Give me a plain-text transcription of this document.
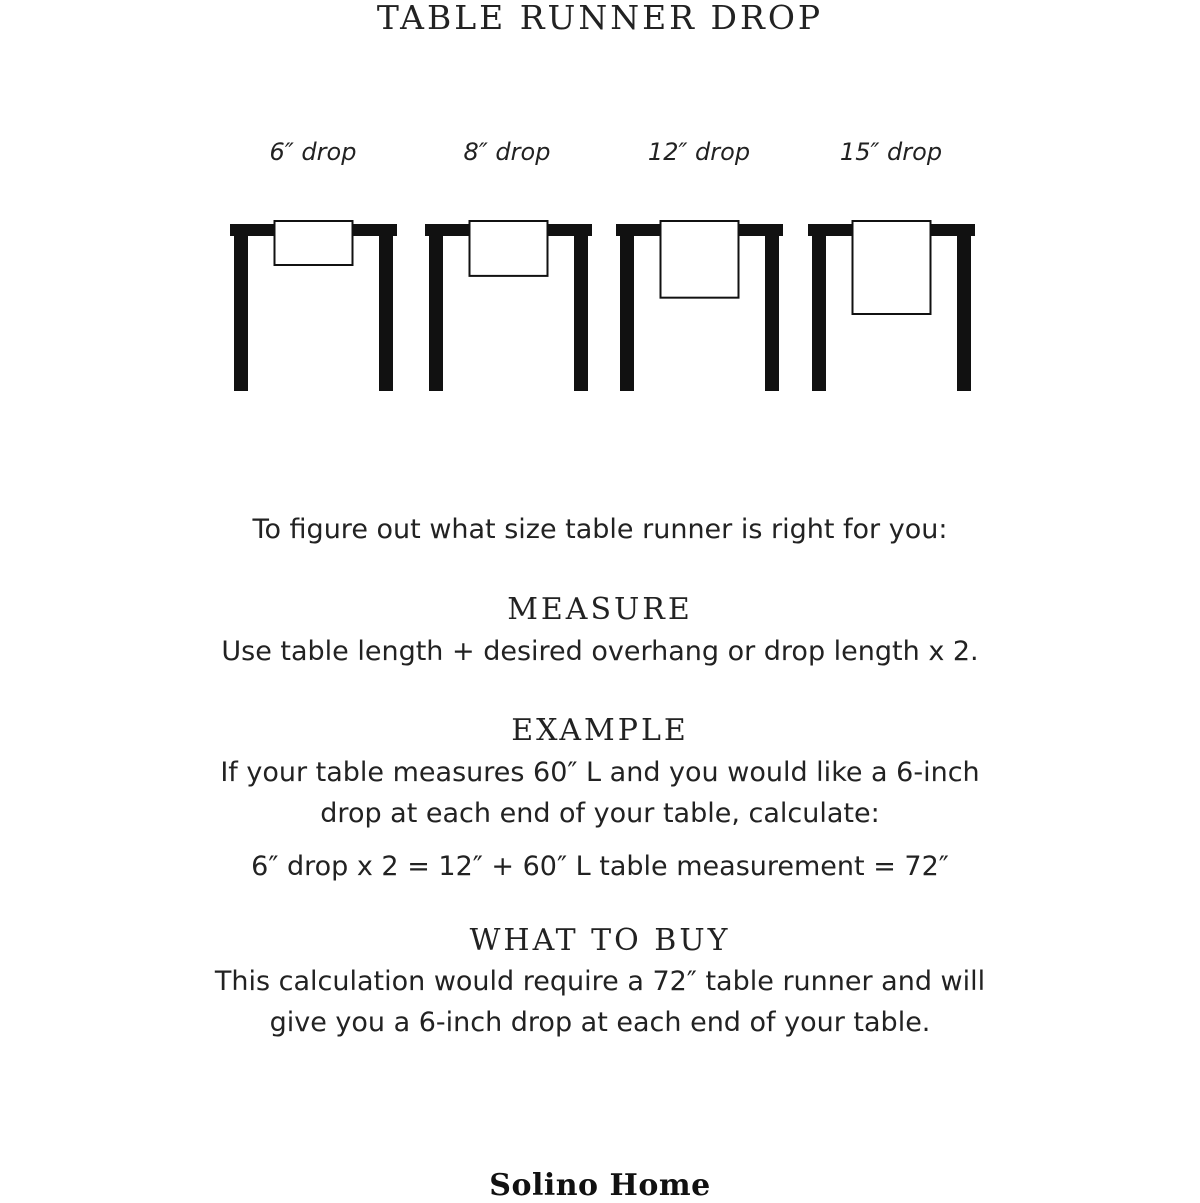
TABLE RUNNER DROP
6″ drop	8″ drop	12″ drop	15″ drop
To figure out what size table runner is right for you:
MEASURE
Use table length + desired overhang or drop length x 2.
EXAMPLE
If your table measures 60″ L and you would like a 6-inch
drop at each end of your table, calculate:
6″ drop x 2 = 12″ + 60″ L table measurement = 72″
WHAT TO BUY
This calculation would require a 72″ table runner and will
give you a 6-inch drop at each end of your table.
Solino Home
